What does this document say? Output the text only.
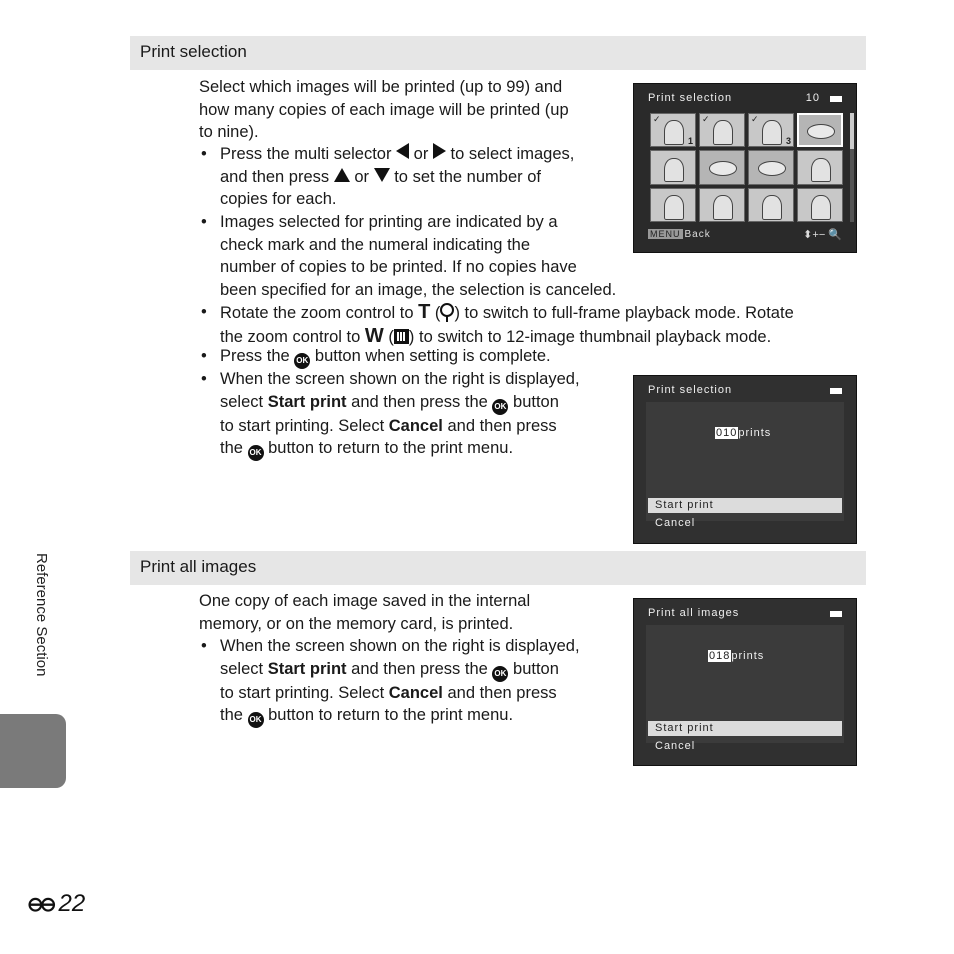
Print selection

Select which images will be printed (up to 99) and
how many copies of each image will be printed (up
to nine).

• Press the multi selector or to select images,
and then press or to set the number of
copies for each.

• Images selected for printing are indicated by a
check mark and the numeral indicating the
number of copies to be printed. If no copies have
been specified for an image, the selection is canceled.

• Rotate the zoom control to T ( ) to switch to full-frame playback mode. Rotate
the zoom control to W ( ) to switch to 12-image thumbnail playback mode.

• Press the OK button when setting is complete.

• When the screen shown on the right is displayed,
select Start print and then press the OK button
to start printing. Select Cancel and then press
the OK button to return to the print menu.

Print selection	10
✓
1
✓	✓
3
MENU Back	⬍+− 🔍
Print selection
010prints
Start print
Cancel
Print all images

One copy of each image saved in the internal
memory, or on the memory card, is printed.

• When the screen shown on the right is displayed,
select Start print and then press the OK button
to start printing. Select Cancel and then press
the OK button to return to the print menu.

Print all images
018prints
Start print
Cancel
Reference Section
⊖⊖ 22
